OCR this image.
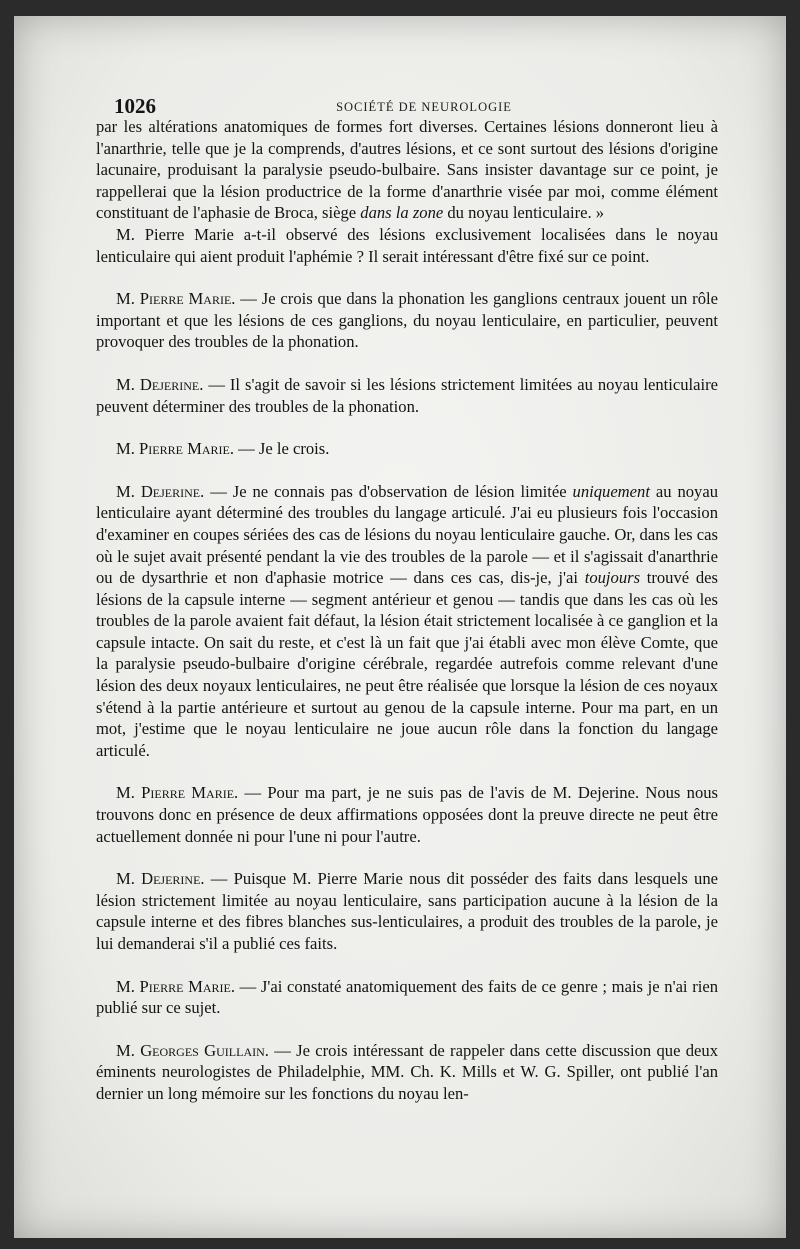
1026	SOCIÉTÉ DE NEUROLOGIE

par les altérations anatomiques de formes fort diverses. Certaines lésions donneront lieu à l'anarthrie, telle que je la comprends, d'autres lésions, et ce sont surtout des lésions d'origine lacunaire, produisant la paralysie pseudo-bulbaire. Sans insister davantage sur ce point, je rappellerai que la lésion productrice de la forme d'anarthrie visée par moi, comme élément constituant de l'aphasie de Broca, siège dans la zone du noyau lenticulaire. »

M. Pierre Marie a-t-il observé des lésions exclusivement localisées dans le noyau lenticulaire qui aient produit l'aphémie ? Il serait intéressant d'être fixé sur ce point.

M. Pierre Marie. — Je crois que dans la phonation les ganglions centraux jouent un rôle important et que les lésions de ces ganglions, du noyau lenticulaire, en particulier, peuvent provoquer des troubles de la phonation.

M. Dejerine. — Il s'agit de savoir si les lésions strictement limitées au noyau lenticulaire peuvent déterminer des troubles de la phonation.

M. Pierre Marie. — Je le crois.

M. Dejerine. — Je ne connais pas d'observation de lésion limitée uniquement au noyau lenticulaire ayant déterminé des troubles du langage articulé. J'ai eu plusieurs fois l'occasion d'examiner en coupes sériées des cas de lésions du noyau lenticulaire gauche. Or, dans les cas où le sujet avait présenté pendant la vie des troubles de la parole — et il s'agissait d'anarthrie ou de dysarthrie et non d'aphasie motrice — dans ces cas, dis-je, j'ai toujours trouvé des lésions de la capsule interne — segment antérieur et genou — tandis que dans les cas où les troubles de la parole avaient fait défaut, la lésion était strictement localisée à ce ganglion et la capsule intacte. On sait du reste, et c'est là un fait que j'ai établi avec mon élève Comte, que la paralysie pseudo-bulbaire d'origine cérébrale, regardée autrefois comme relevant d'une lésion des deux noyaux lenticulaires, ne peut être réalisée que lorsque la lésion de ces noyaux s'étend à la partie antérieure et surtout au genou de la capsule interne. Pour ma part, en un mot, j'estime que le noyau lenticulaire ne joue aucun rôle dans la fonction du langage articulé.

M. Pierre Marie. — Pour ma part, je ne suis pas de l'avis de M. Dejerine. Nous nous trouvons donc en présence de deux affirmations opposées dont la preuve directe ne peut être actuellement donnée ni pour l'une ni pour l'autre.

M. Dejerine. — Puisque M. Pierre Marie nous dit posséder des faits dans lesquels une lésion strictement limitée au noyau lenticulaire, sans participation aucune à la lésion de la capsule interne et des fibres blanches sus-lenticulaires, a produit des troubles de la parole, je lui demanderai s'il a publié ces faits.

M. Pierre Marie. — J'ai constaté anatomiquement des faits de ce genre ; mais je n'ai rien publié sur ce sujet.

M. Georges Guillain. — Je crois intéressant de rappeler dans cette discussion que deux éminents neurologistes de Philadelphie, MM. Ch. K. Mills et W. G. Spiller, ont publié l'an dernier un long mémoire sur les fonctions du noyau len-
